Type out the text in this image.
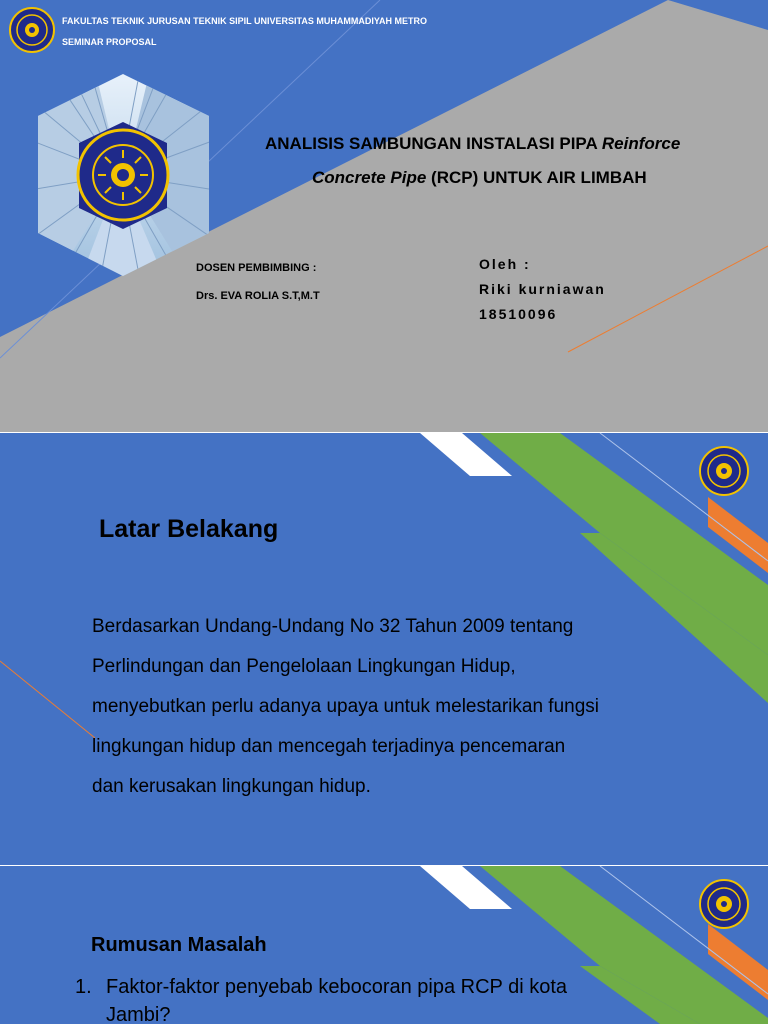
FAKULTAS TEKNIK JURUSAN TEKNIK SIPIL UNIVERSITAS MUHAMMADIYAH METRO
SEMINAR PROPOSAL
ANALISIS SAMBUNGAN INSTALASI PIPA Reinforce
Concrete Pipe (RCP) UNTUK AIR LIMBAH
DOSEN PEMBIMBING :
Drs. EVA ROLIA S.T,M.T
Oleh :
Riki kurniawan
18510096
Latar Belakang
Berdasarkan Undang-Undang No 32 Tahun 2009 tentang
Perlindungan dan Pengelolaan Lingkungan Hidup,
menyebutkan perlu adanya upaya untuk melestarikan fungsi
lingkungan hidup dan mencegah terjadinya pencemaran
dan kerusakan lingkungan hidup.
Rumusan Masalah
1. Faktor-faktor penyebab kebocoran pipa RCP di kota
Jambi?
